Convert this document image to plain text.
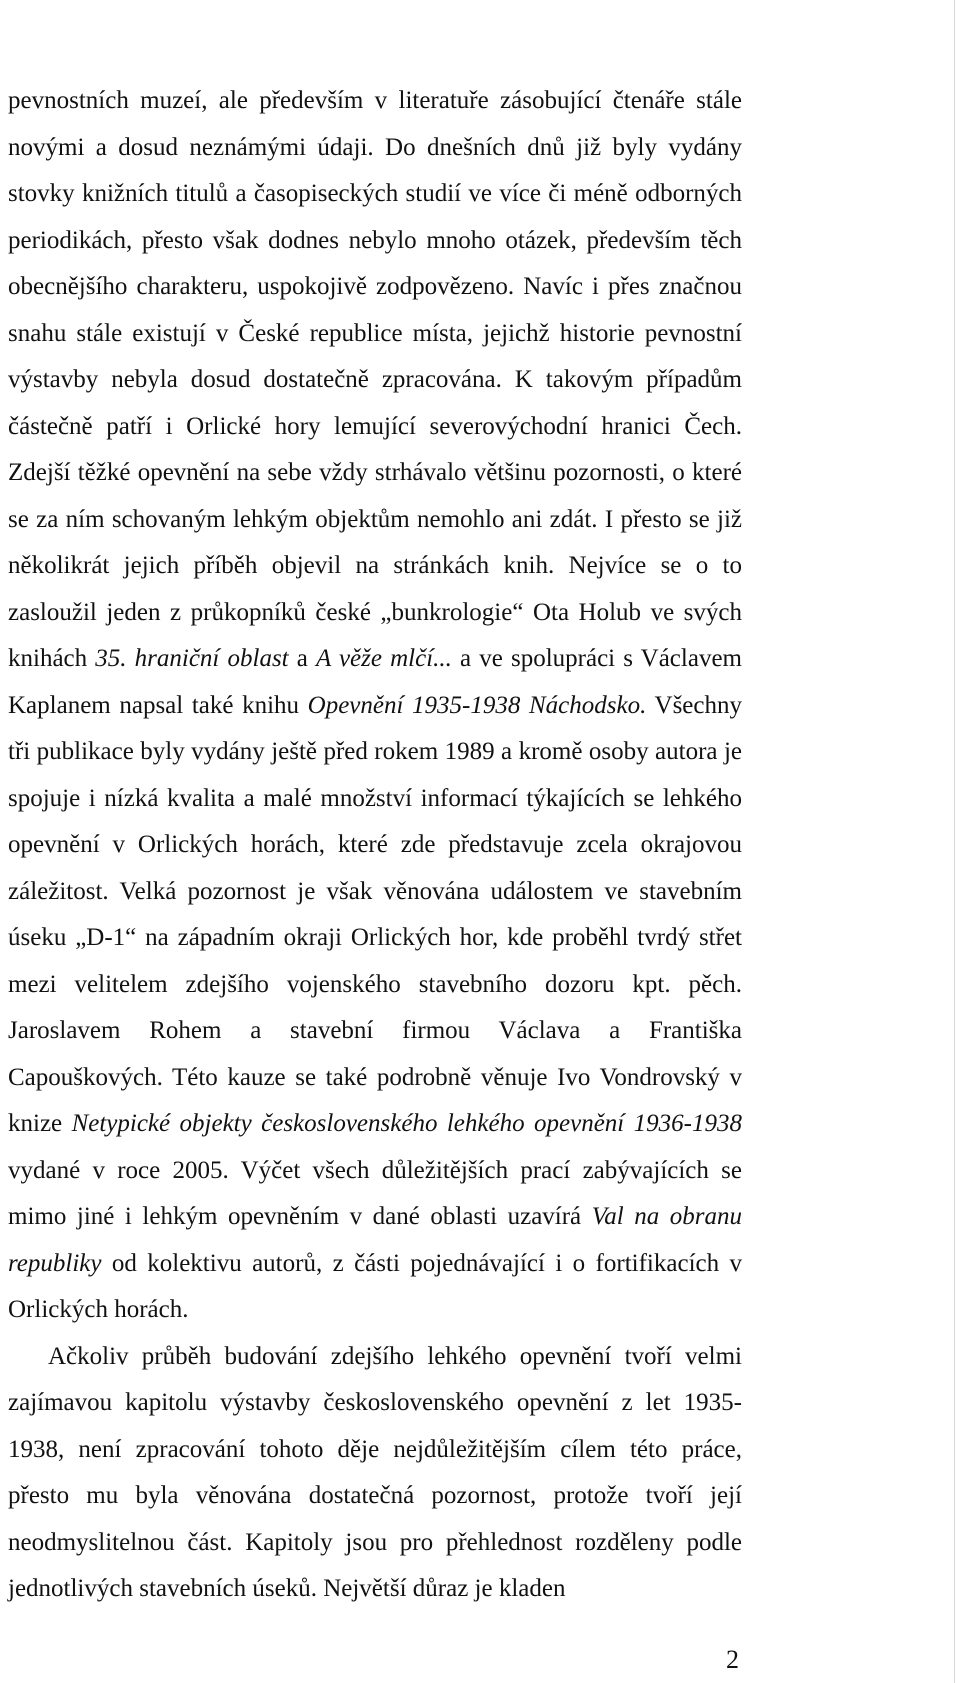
pevnostních muzeí, ale především v literatuře zásobující čtenáře stále novými a dosud neznámými údaji. Do dnešních dnů již byly vydány stovky knižních titulů a časopiseckých studií ve více či méně odborných periodikách, přesto však dodnes nebylo mnoho otázek, především těch obecnějšího charakteru, uspokojivě zodpovězeno. Navíc i přes značnou snahu stále existují v České republice místa, jejichž historie pevnostní výstavby nebyla dosud dostatečně zpracována. K takovým případům částečně patří i Orlické hory lemující severovýchodní hranici Čech. Zdejší těžké opevnění na sebe vždy strhávalo většinu pozornosti, o které se za ním schovaným lehkým objektům nemohlo ani zdát. I přesto se již několikrát jejich příběh objevil na stránkách knih. Nejvíce se o to zasloužil jeden z průkopníků české „bunkrologie“ Ota Holub ve svých knihách 35. hraniční oblast a A věže mlčí... a ve spolupráci s Václavem Kaplanem napsal také knihu Opevnění 1935-1938 Náchodsko. Všechny tři publikace byly vydány ještě před rokem 1989 a kromě osoby autora je spojuje i nízká kvalita a malé množství informací týkajících se lehkého opevnění v Orlických horách, které zde představuje zcela okrajovou záležitost. Velká pozornost je však věnována událostem ve stavebním úseku „D-1“ na západním okraji Orlických hor, kde proběhl tvrdý střet mezi velitelem zdejšího vojenského stavebního dozoru kpt. pěch. Jaroslavem Rohem a stavební firmou Václava a Františka Capouškových. Této kauze se také podrobně věnuje Ivo Vondrovský v knize Netypické objekty československého lehkého opevnění 1936-1938 vydané v roce 2005. Výčet všech důležitějších prací zabývajících se mimo jiné i lehkým opevněním v dané oblasti uzavírá Val na obranu republiky od kolektivu autorů, z části pojednávající i o fortifikacích v Orlických horách.

Ačkoliv průběh budování zdejšího lehkého opevnění tvoří velmi zajímavou kapitolu výstavby československého opevnění z let 1935-1938, není zpracování tohoto děje nejdůležitějším cílem této práce, přesto mu byla věnována dostatečná pozornost, protože tvoří její neodmyslitelnou část. Kapitoly jsou pro přehlednost rozděleny podle jednotlivých stavebních úseků. Největší důraz je kladen

2
